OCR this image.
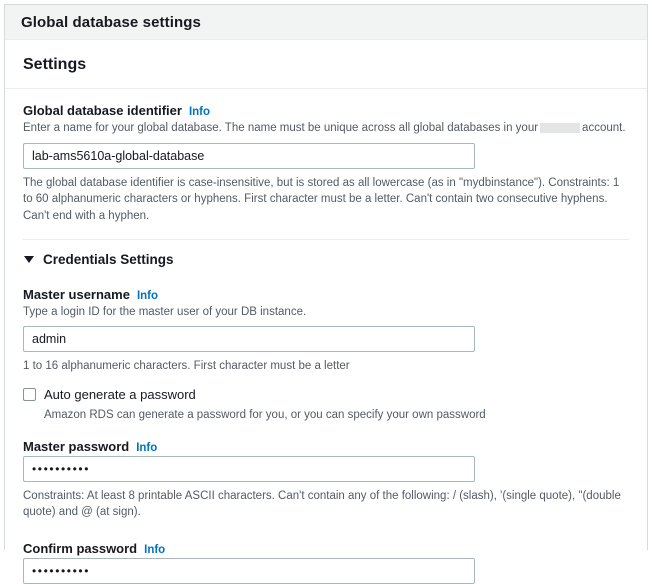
Global database settings
Settings
Global database identifier Info
Enter a name for your global database. The name must be unique across all global databases in your	account.
lab-ams5610a-global-database

The global database identifier is case-insensitive, but is stored as all lowercase (as in "mydbinstance"). Constraints: 1 to 60 alphanumeric characters or hyphens. First character must be a letter. Can't contain two consecutive hyphens. Can't end with a hyphen.

Credentials Settings
Master username Info
Type a login ID for the master user of your DB instance.
admin

1 to 16 alphanumeric characters. First character must be a letter

Auto generate a password
Amazon RDS can generate a password for you, or you can specify your own password
Master password Info
••••••••••

Constraints: At least 8 printable ASCII characters. Can't contain any of the following: / (slash), '(single quote), "(double quote) and @ (at sign).

Confirm password Info
••••••••••
